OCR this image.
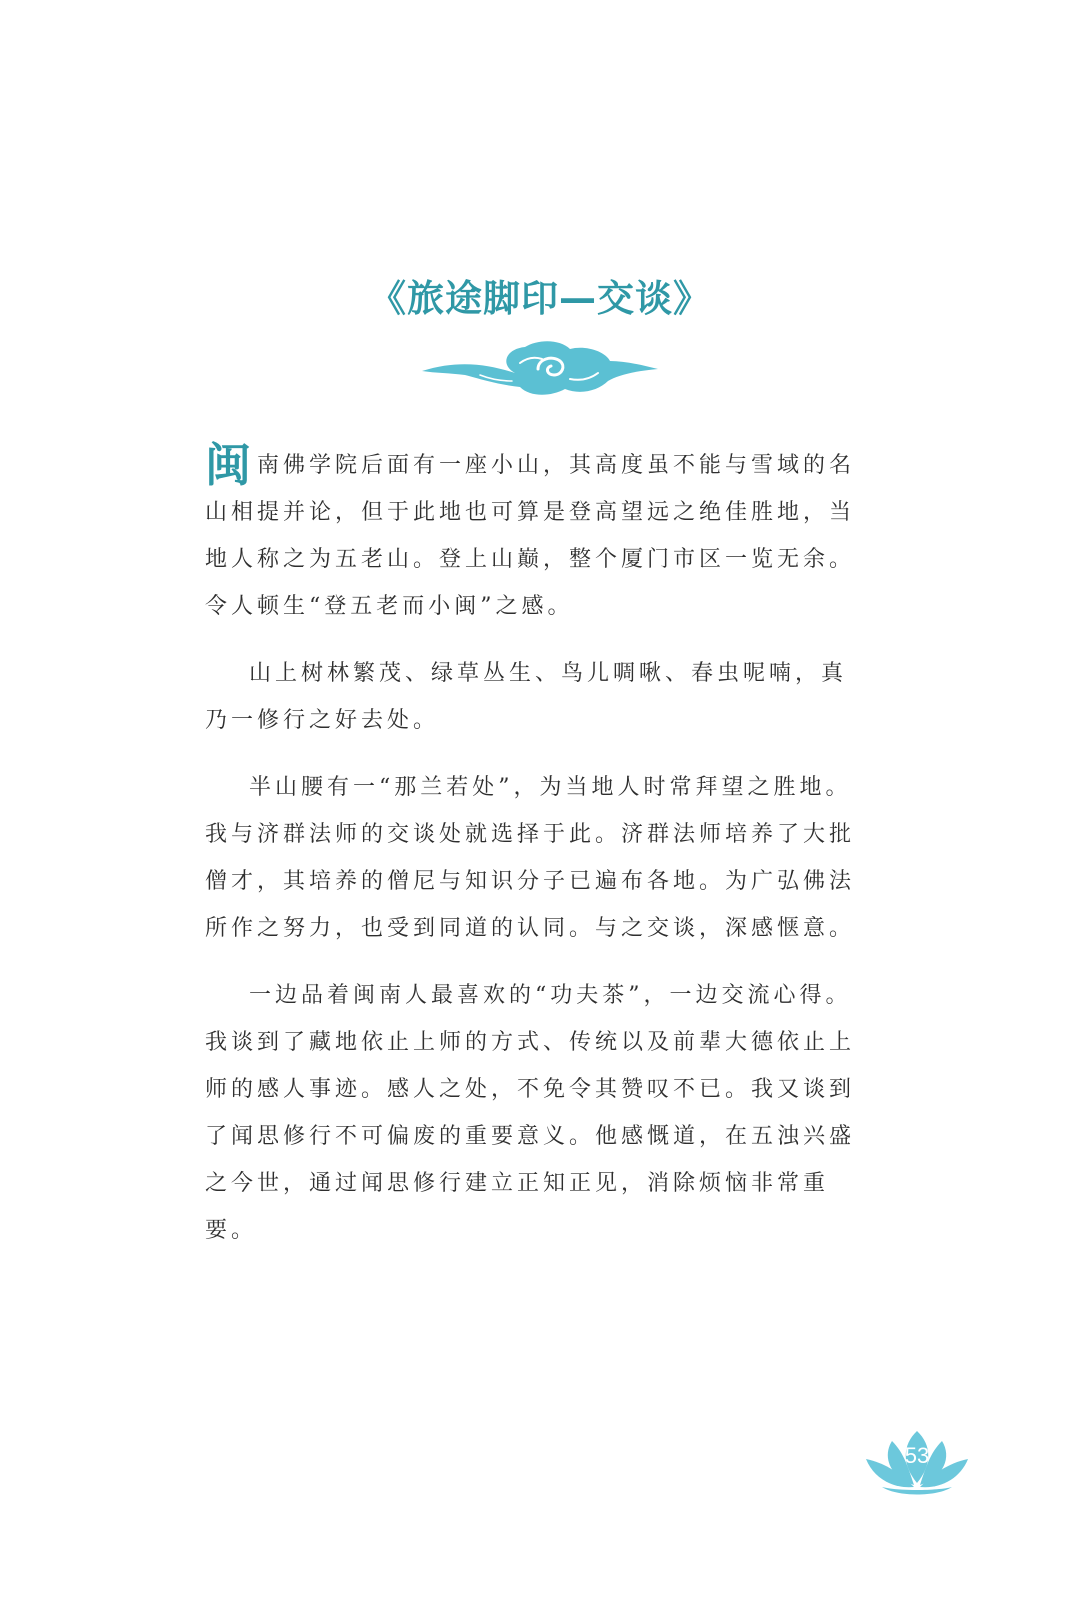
《旅途脚印—交谈》

闽南佛学院后面有一座小山，其高度虽不能与雪域的名山相提并论，但于此地也可算是登高望远之绝佳胜地，当地人称之为五老山。登上山巅，整个厦门市区一览无余。令人顿生“登五老而小闽”之感。

山上树林繁茂、绿草丛生、鸟儿啁啾、春虫呢喃，真乃一修行之好去处。

半山腰有一“那兰若处”，为当地人时常拜望之胜地。我与济群法师的交谈处就选择于此。济群法师培养了大批僧才，其培养的僧尼与知识分子已遍布各地。为广弘佛法所作之努力，也受到同道的认同。与之交谈，深感惬意。

一边品着闽南人最喜欢的“功夫茶”，一边交流心得。我谈到了藏地依止上师的方式、传统以及前辈大德依止上师的感人事迹。感人之处，不免令其赞叹不已。我又谈到了闻思修行不可偏废的重要意义。他感慨道，在五浊兴盛之今世，通过闻思修行建立正知正见，消除烦恼非常重要。

53
